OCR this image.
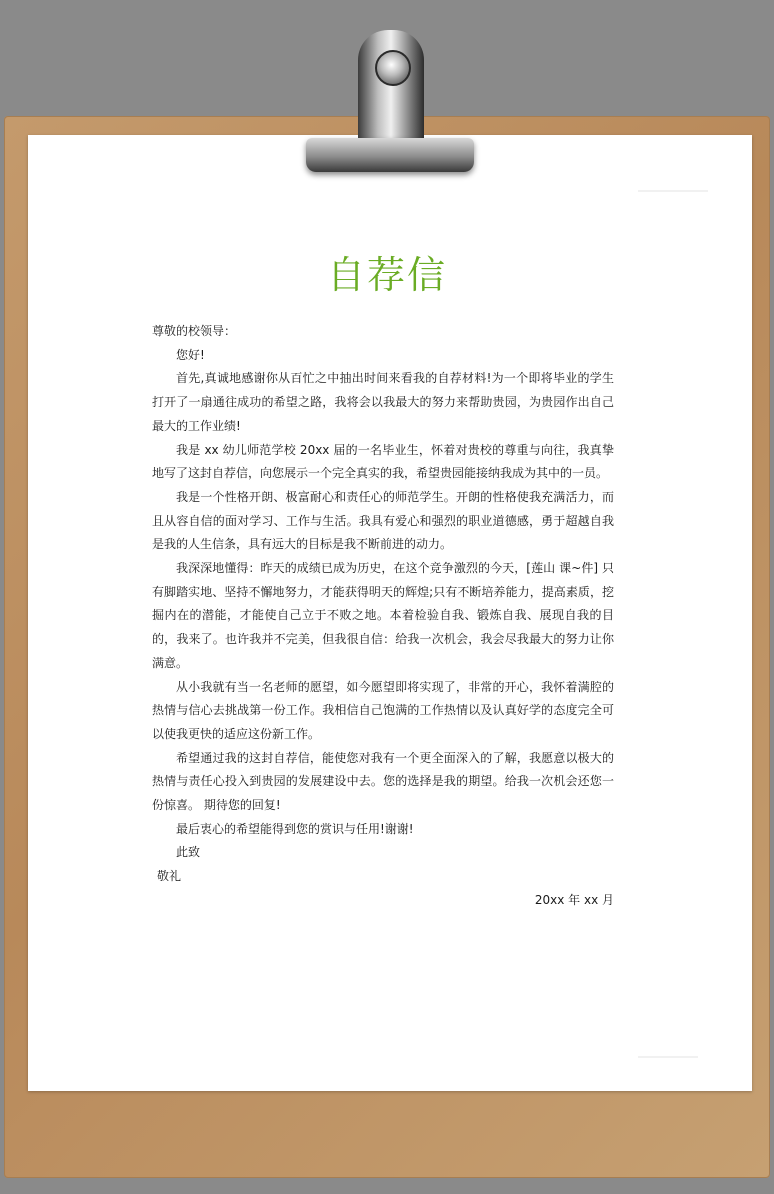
自荐信

尊敬的校领导：

您好!

首先,真诚地感谢你从百忙之中抽出时间来看我的自荐材料!为一个即将毕业的学生打开了一扇通往成功的希望之路，我将会以我最大的努力来帮助贵园，为贵园作出自己最大的工作业绩!

我是 xx 幼儿师范学校 20xx 届的一名毕业生，怀着对贵校的尊重与向往，我真挚地写了这封自荐信，向您展示一个完全真实的我，希望贵园能接纳我成为其中的一员。

我是一个性格开朗、极富耐心和责任心的师范学生。开朗的性格使我充满活力，而且从容自信的面对学习、工作与生活。我具有爱心和强烈的职业道德感，勇于超越自我是我的人生信条，具有远大的目标是我不断前进的动力。

我深深地懂得：昨天的成绩已成为历史，在这个竞争激烈的今天，[莲山 课~件] 只有脚踏实地、坚持不懈地努力，才能获得明天的辉煌;只有不断培养能力，提高素质，挖掘内在的潜能，才能使自己立于不败之地。本着检验自我、锻炼自我、展现自我的目的，我来了。也许我并不完美，但我很自信：给我一次机会，我会尽我最大的努力让你满意。

从小我就有当一名老师的愿望，如今愿望即将实现了，非常的开心，我怀着满腔的热情与信心去挑战第一份工作。我相信自己饱满的工作热情以及认真好学的态度完全可以使我更快的适应这份新工作。

希望通过我的这封自荐信，能使您对我有一个更全面深入的了解，我愿意以极大的热情与责任心投入到贵园的发展建设中去。您的选择是我的期望。给我一次机会还您一份惊喜。 期待您的回复!

最后衷心的希望能得到您的赏识与任用!谢谢!

此致

敬礼

20xx 年 xx 月
